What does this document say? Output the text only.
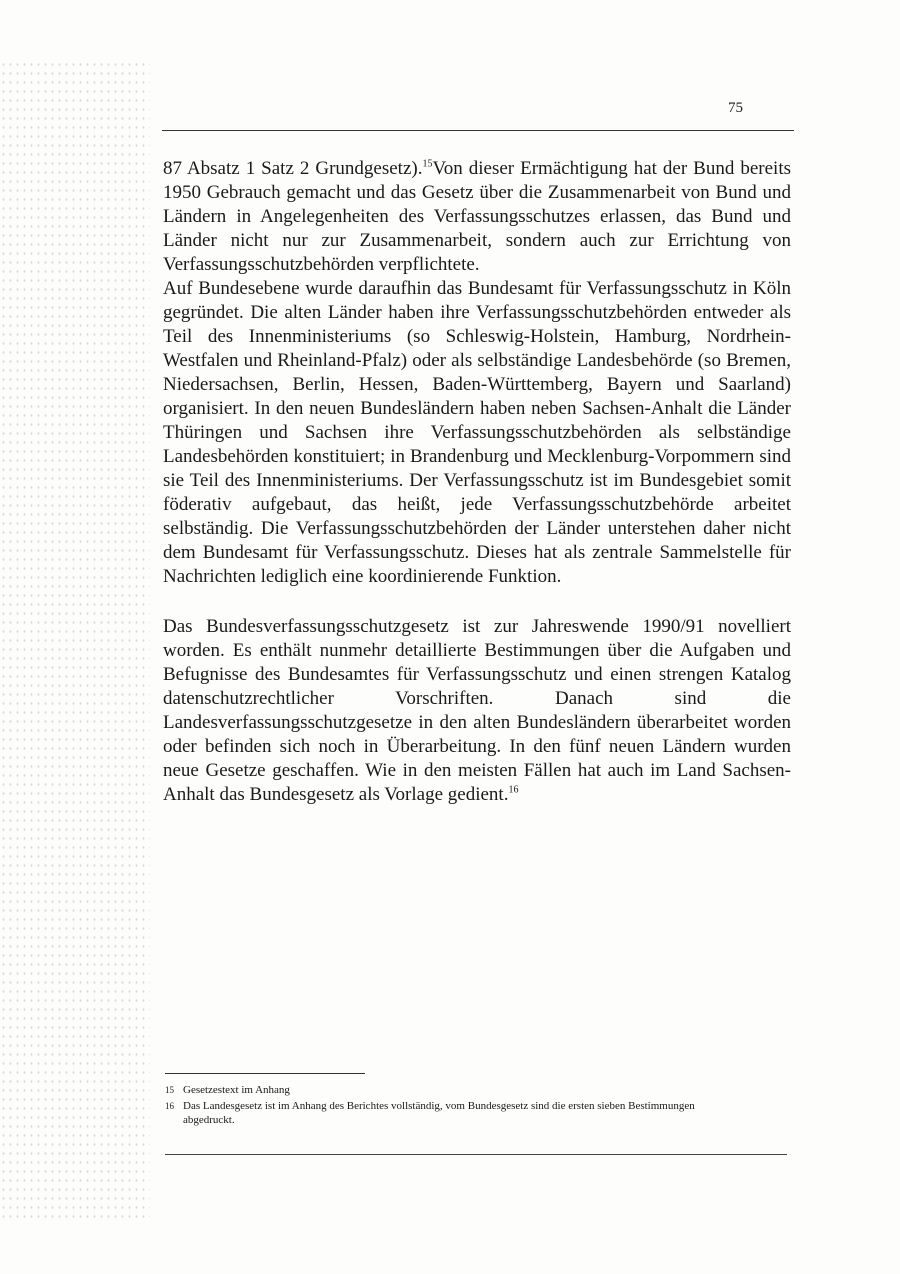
75

87 Absatz 1 Satz 2 Grundgesetz).$^{15}$Von dieser Ermächtigung hat der Bund bereits 1950 Gebrauch gemacht und das Gesetz über die Zusammenarbeit von Bund und Ländern in Angelegenheiten des Verfassungsschutzes erlassen, das Bund und Länder nicht nur zur Zusammenarbeit, sondern auch zur Errichtung von Verfassungsschutzbehörden verpflichtete.

Auf Bundesebene wurde daraufhin das Bundesamt für Verfassungsschutz in Köln gegründet. Die alten Länder haben ihre Verfassungsschutzbehörden entweder als Teil des Innenministeriums (so Schleswig-Holstein, Hamburg, Nordrhein-Westfalen und Rheinland-Pfalz) oder als selbständige Landesbehörde (so Bremen, Niedersachsen, Berlin, Hessen, Baden-Württemberg, Bayern und Saarland) organisiert. In den neuen Bundesländern haben neben Sachsen-Anhalt die Länder Thüringen und Sachsen ihre Verfassungsschutzbehörden als selbständige Landesbehörden konstituiert; in Brandenburg und Mecklenburg-Vorpommern sind sie Teil des Innenministeriums. Der Verfassungsschutz ist im Bundesgebiet somit föderativ aufgebaut, das heißt, jede Verfassungsschutzbehörde arbeitet selbständig. Die Verfassungsschutzbehörden der Länder unterstehen daher nicht dem Bundesamt für Verfassungsschutz. Dieses hat als zentrale Sammelstelle für Nachrichten lediglich eine koordinierende Funktion.

Das Bundesverfassungsschutzgesetz ist zur Jahreswende 1990/91 novelliert worden. Es enthält nunmehr detaillierte Bestimmungen über die Aufgaben und Befugnisse des Bundesamtes für Verfassungsschutz und einen strengen Katalog datenschutzrechtlicher Vorschriften. Danach sind die Landesverfassungsschutzgesetze in den alten Bundesländern überarbeitet worden oder befinden sich noch in Überarbeitung. In den fünf neuen Ländern wurden neue Gesetze geschaffen. Wie in den meisten Fällen hat auch im Land Sachsen-Anhalt das Bundesgesetz als Vorlage gedient.$^{16}$

15 Gesetzestext im Anhang
16 Das Landesgesetz ist im Anhang des Berichtes vollständig, vom Bundesgesetz sind die ersten sieben Bestimmungen abgedruckt.
